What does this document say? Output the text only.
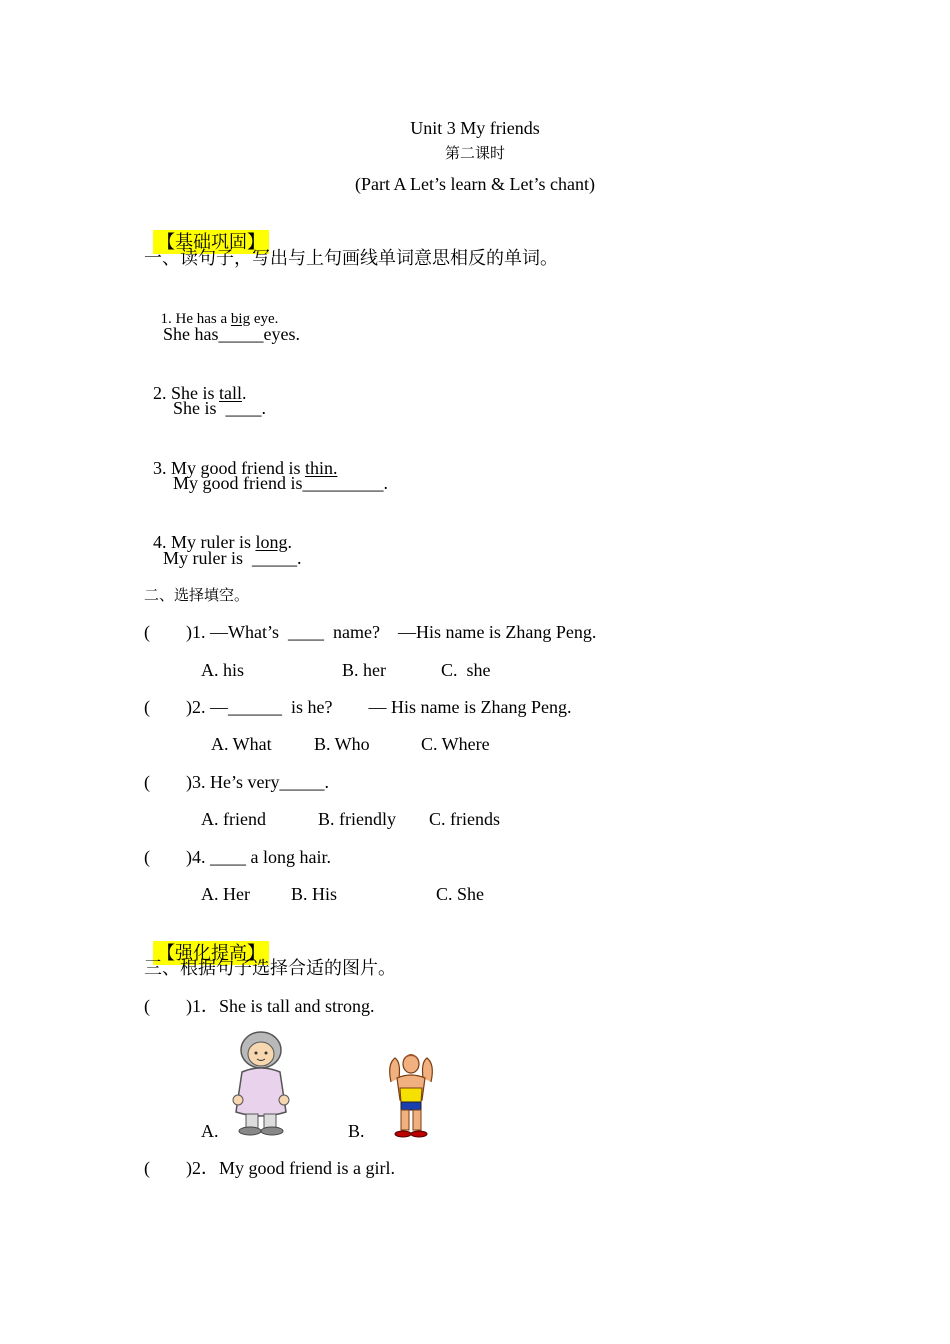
Unit 3 My friends
第二课时
(Part A Let’s learn & Let’s chant)

【基础巩固】

一、读句子，写出与上句画线单词意思相反的单词。

1. He has a big eye.

She has_____eyes.

2. She is tall.

She is  ____.

3. My good friend is thin.

My good friend is_________.

4. My ruler is long.

My ruler is  _____.
二、选择填空。
(        )1. —What’s  ____  name?    —His name is Zhang Peng.
A. his	B. her	C.  she
(        )2. —______  is he?        — His name is Zhang Peng.
A. What B. Who	C. Where
(        )3. He’s very_____.
A. friend	B. friendly C. friends
(        )4. ____ a long hair.
A. Her B. His	C. She

【强化提高】

三、根据句子选择合适的图片。
(        )1．She is tall and strong.
A.	B.
(        )2．My good friend is a girl.
